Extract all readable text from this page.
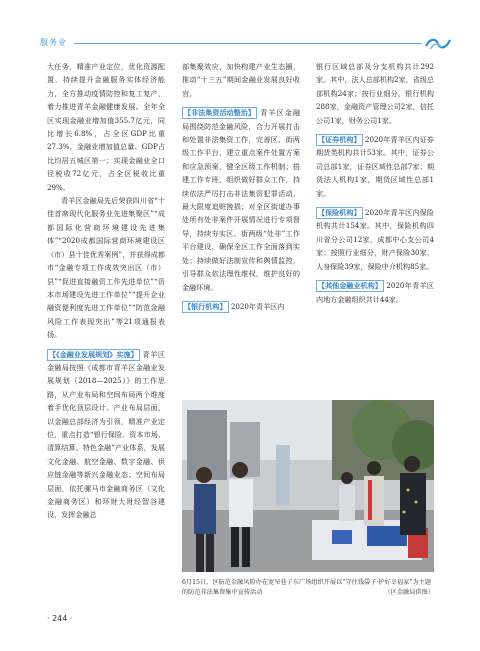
服务业

大任务，精准产业定位，优化资源配置，持续提升金融服务实体经济能力，全方推动疫情防控和复工复产，着力推进青羊金融健康发展。全年全区实现金融业增加值355.7亿元，同比增长6.8%，占全区GDP比重27.3%，金融业增加值总量、GDP占比均居五城区第一；实现金融业全口径税收72亿元，占全区税收比重29%。

青羊区金融局先后荣获四川省“十佳首席现代化服务业先进集聚区”“成都国际化营商环境建设先进集体”“2020成都国际营商环境建设区（市）县十佳优秀案例”，并获得成都市“金融专项工作成效突出区（市）县”“促进直接融资工作先进单位”“资本市场建设先进工作单位”“提升企业融资便利度先进工作单位”“防范金融风险工作表现突出”等21项通报表扬。

【《金融业发展规划》实施】 青羊区金融局按照《成都市青羊区金融业发展规划（2018—2025）》的工作思路，从产业布局和空间布局两个维度着手优化顶层设计。产业布局层面，以金融总部经济为引领，精准产业定位，重点打造“银行保险、资本市场、清算结算、特色金融”产业体系，发展文化金融、航空金融、数字金融、供应链金融等新兴金融业态；空间布局层面，依托骡马市金融商务区（文化金融商务区）和环财大财经智谷建设，发挥金融总

部集聚效应，加快构建产业生态圈，推动“十三五”期间金融业发展良好收官。

【非法集资活动整治】 青羊区金融局围绕防范金融风险，合力开展打击和处置非法集资工作，完善区、街两级工作平台，建立重点案件处置方案和应急预案，健全区级工作机制；搭建工作专班，组织做好群众工作，持续依法严厉打击非法集资犯罪活动，最大限度追赃挽损；对全区街道办事处所有处非案件开展情况进行专项督导，持续夯实区、街两级“处非”工作平台建设，确保全区工作全面落到实处；持续做好法制宣传和舆情监控，引导群众依法理性维权，维护良好的金融环境。

【银行机构】 2020年青羊区内

银行区域总部及分支机构共计292家。其中，法人总部机构2家，省级总部机构24家；按行业细分，银行机构288家，金融资产管理公司2家，信托公司1家，财务公司1家。

【证券机构】 2020年青羊区内证券期货类机构共计53家。其中，证券公司总部1家，证券区域性总部7家；期货法人机构1家，期货区域性总部1家。

【保险机构】 2020年青羊区内保险机构共计154家。其中，保险机构四川省分公司12家，成都中心支公司4家；按照行业细分，财产保险30家，人身保险39家，保险中介机构85家。

【其他金融业机构】 2020年青羊区内地方金融组织共计44家。

6月15日，区防范金融风险办在宽窄巷子东广场组织开展以“守住钱袋子·护好幸福家”为主题的防范非法集资集中宣传活动	（区金融局供图）
· 244 ·
